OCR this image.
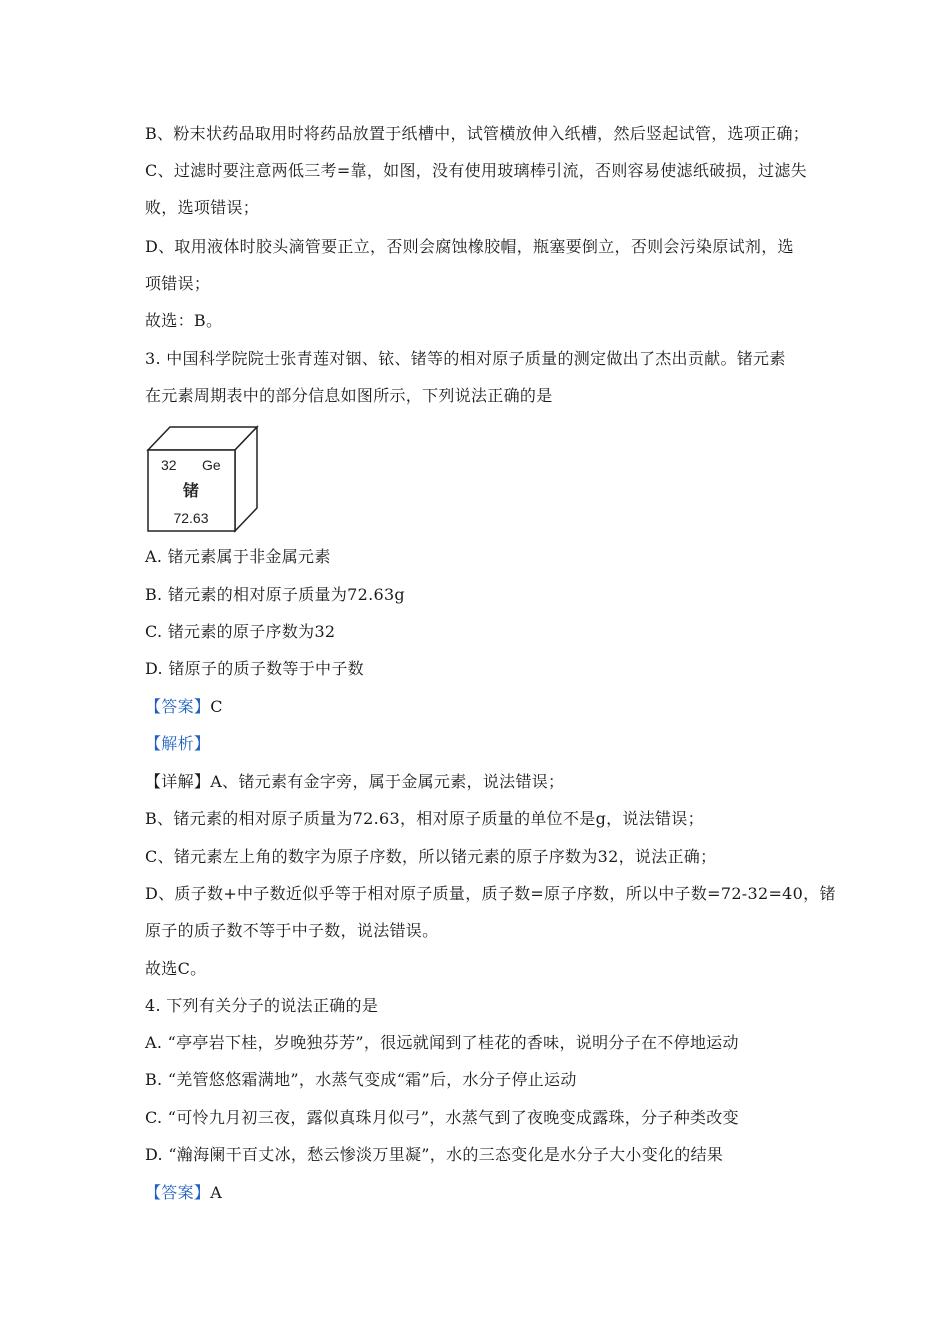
B、粉末状药品取用时将药品放置于纸槽中，试管横放伸入纸槽，然后竖起试管，选项正确；
C、过滤时要注意两低三考=靠，如图，没有使用玻璃棒引流，否则容易使滤纸破损，过滤失
败，选项错误；
D、取用液体时胶头滴管要正立，否则会腐蚀橡胶帽，瓶塞要倒立，否则会污染原试剂，选
项错误；
故选：B。
3. 中国科学院院士张青莲对铟、铱、锗等的相对原子质量的测定做出了杰出贡献。锗元素
在元素周期表中的部分信息如图所示，下列说法正确的是
32 Ge
锗
72.63
A. 锗元素属于非金属元素
B. 锗元素的相对原子质量为72.63g
C. 锗元素的原子序数为32
D. 锗原子的质子数等于中子数
【答案】C
【解析】
【详解】A、锗元素有金字旁，属于金属元素，说法错误；
B、锗元素的相对原子质量为72.63，相对原子质量的单位不是g，说法错误；
C、锗元素左上角的数字为原子序数，所以锗元素的原子序数为32，说法正确；
D、质子数+中子数近似乎等于相对原子质量，质子数=原子序数，所以中子数=72-32=40，锗
原子的质子数不等于中子数，说法错误。
故选C。
4. 下列有关分子的说法正确的是
A. “亭亭岩下桂，岁晚独芬芳”，很远就闻到了桂花的香味，说明分子在不停地运动
B. “羌管悠悠霜满地”，水蒸气变成“霜”后，水分子停止运动
C. “可怜九月初三夜，露似真珠月似弓”，水蒸气到了夜晚变成露珠，分子种类改变
D. “瀚海阑干百丈冰，愁云惨淡万里凝”，水的三态变化是水分子大小变化的结果
【答案】A
